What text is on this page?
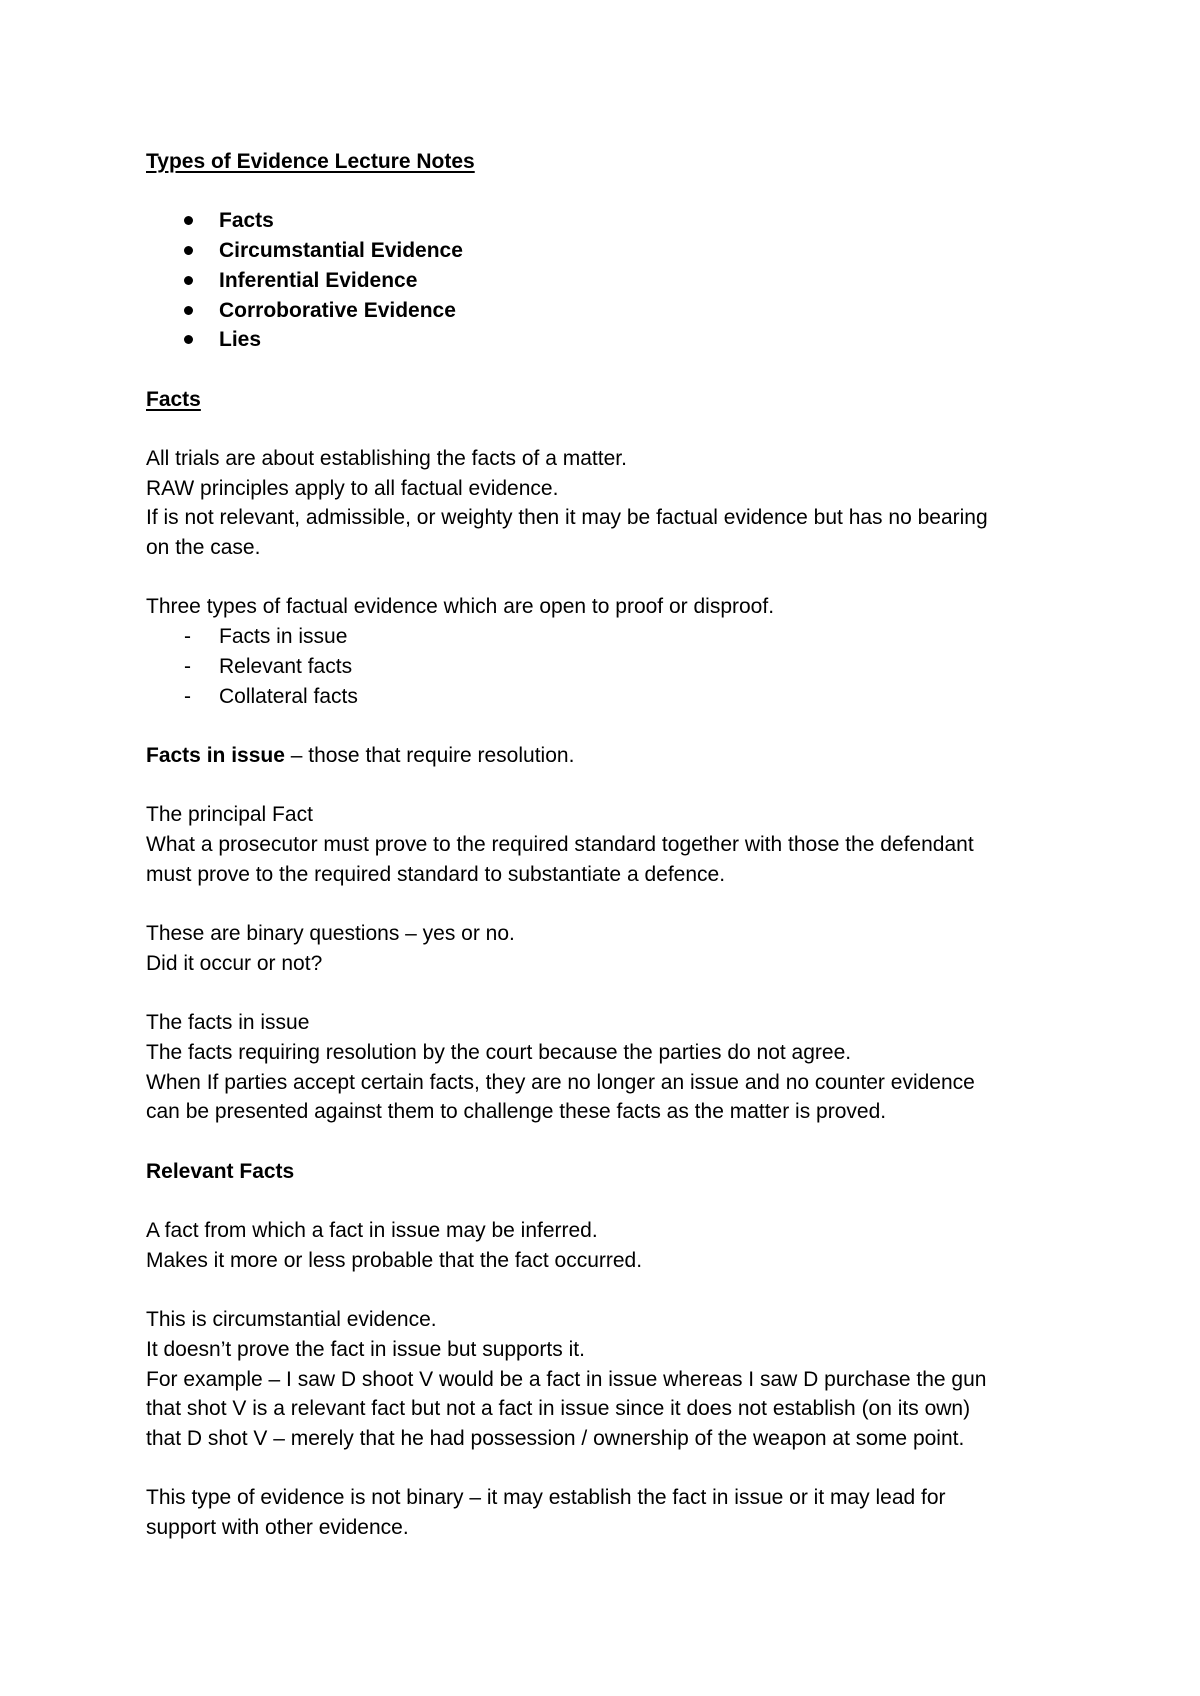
Types of Evidence Lecture Notes

Facts
Circumstantial Evidence
Inferential Evidence
Corroborative Evidence
Lies

Facts

All trials are about establishing the facts of a matter.

RAW principles apply to all factual evidence.

If is not relevant, admissible, or weighty then it may be factual evidence but has no bearing

on the case.

Three types of factual evidence which are open to proof or disproof.

- Facts in issue
- Relevant facts
- Collateral facts

Facts in issue – those that require resolution.

The principal Fact

What a prosecutor must prove to the required standard together with those the defendant

must prove to the required standard to substantiate a defence.

These are binary questions – yes or no.

Did it occur or not?

The facts in issue

The facts requiring resolution by the court because the parties do not agree.

When If parties accept certain facts, they are no longer an issue and no counter evidence

can be presented against them to challenge these facts as the matter is proved.

Relevant Facts

A fact from which a fact in issue may be inferred.

Makes it more or less probable that the fact occurred.

This is circumstantial evidence.

It doesn’t prove the fact in issue but supports it.

For example – I saw D shoot V would be a fact in issue whereas I saw D purchase the gun

that shot V is a relevant fact but not a fact in issue since it does not establish (on its own)

that D shot V – merely that he had possession / ownership of the weapon at some point.

This type of evidence is not binary – it may establish the fact in issue or it may lead for

support with other evidence.
